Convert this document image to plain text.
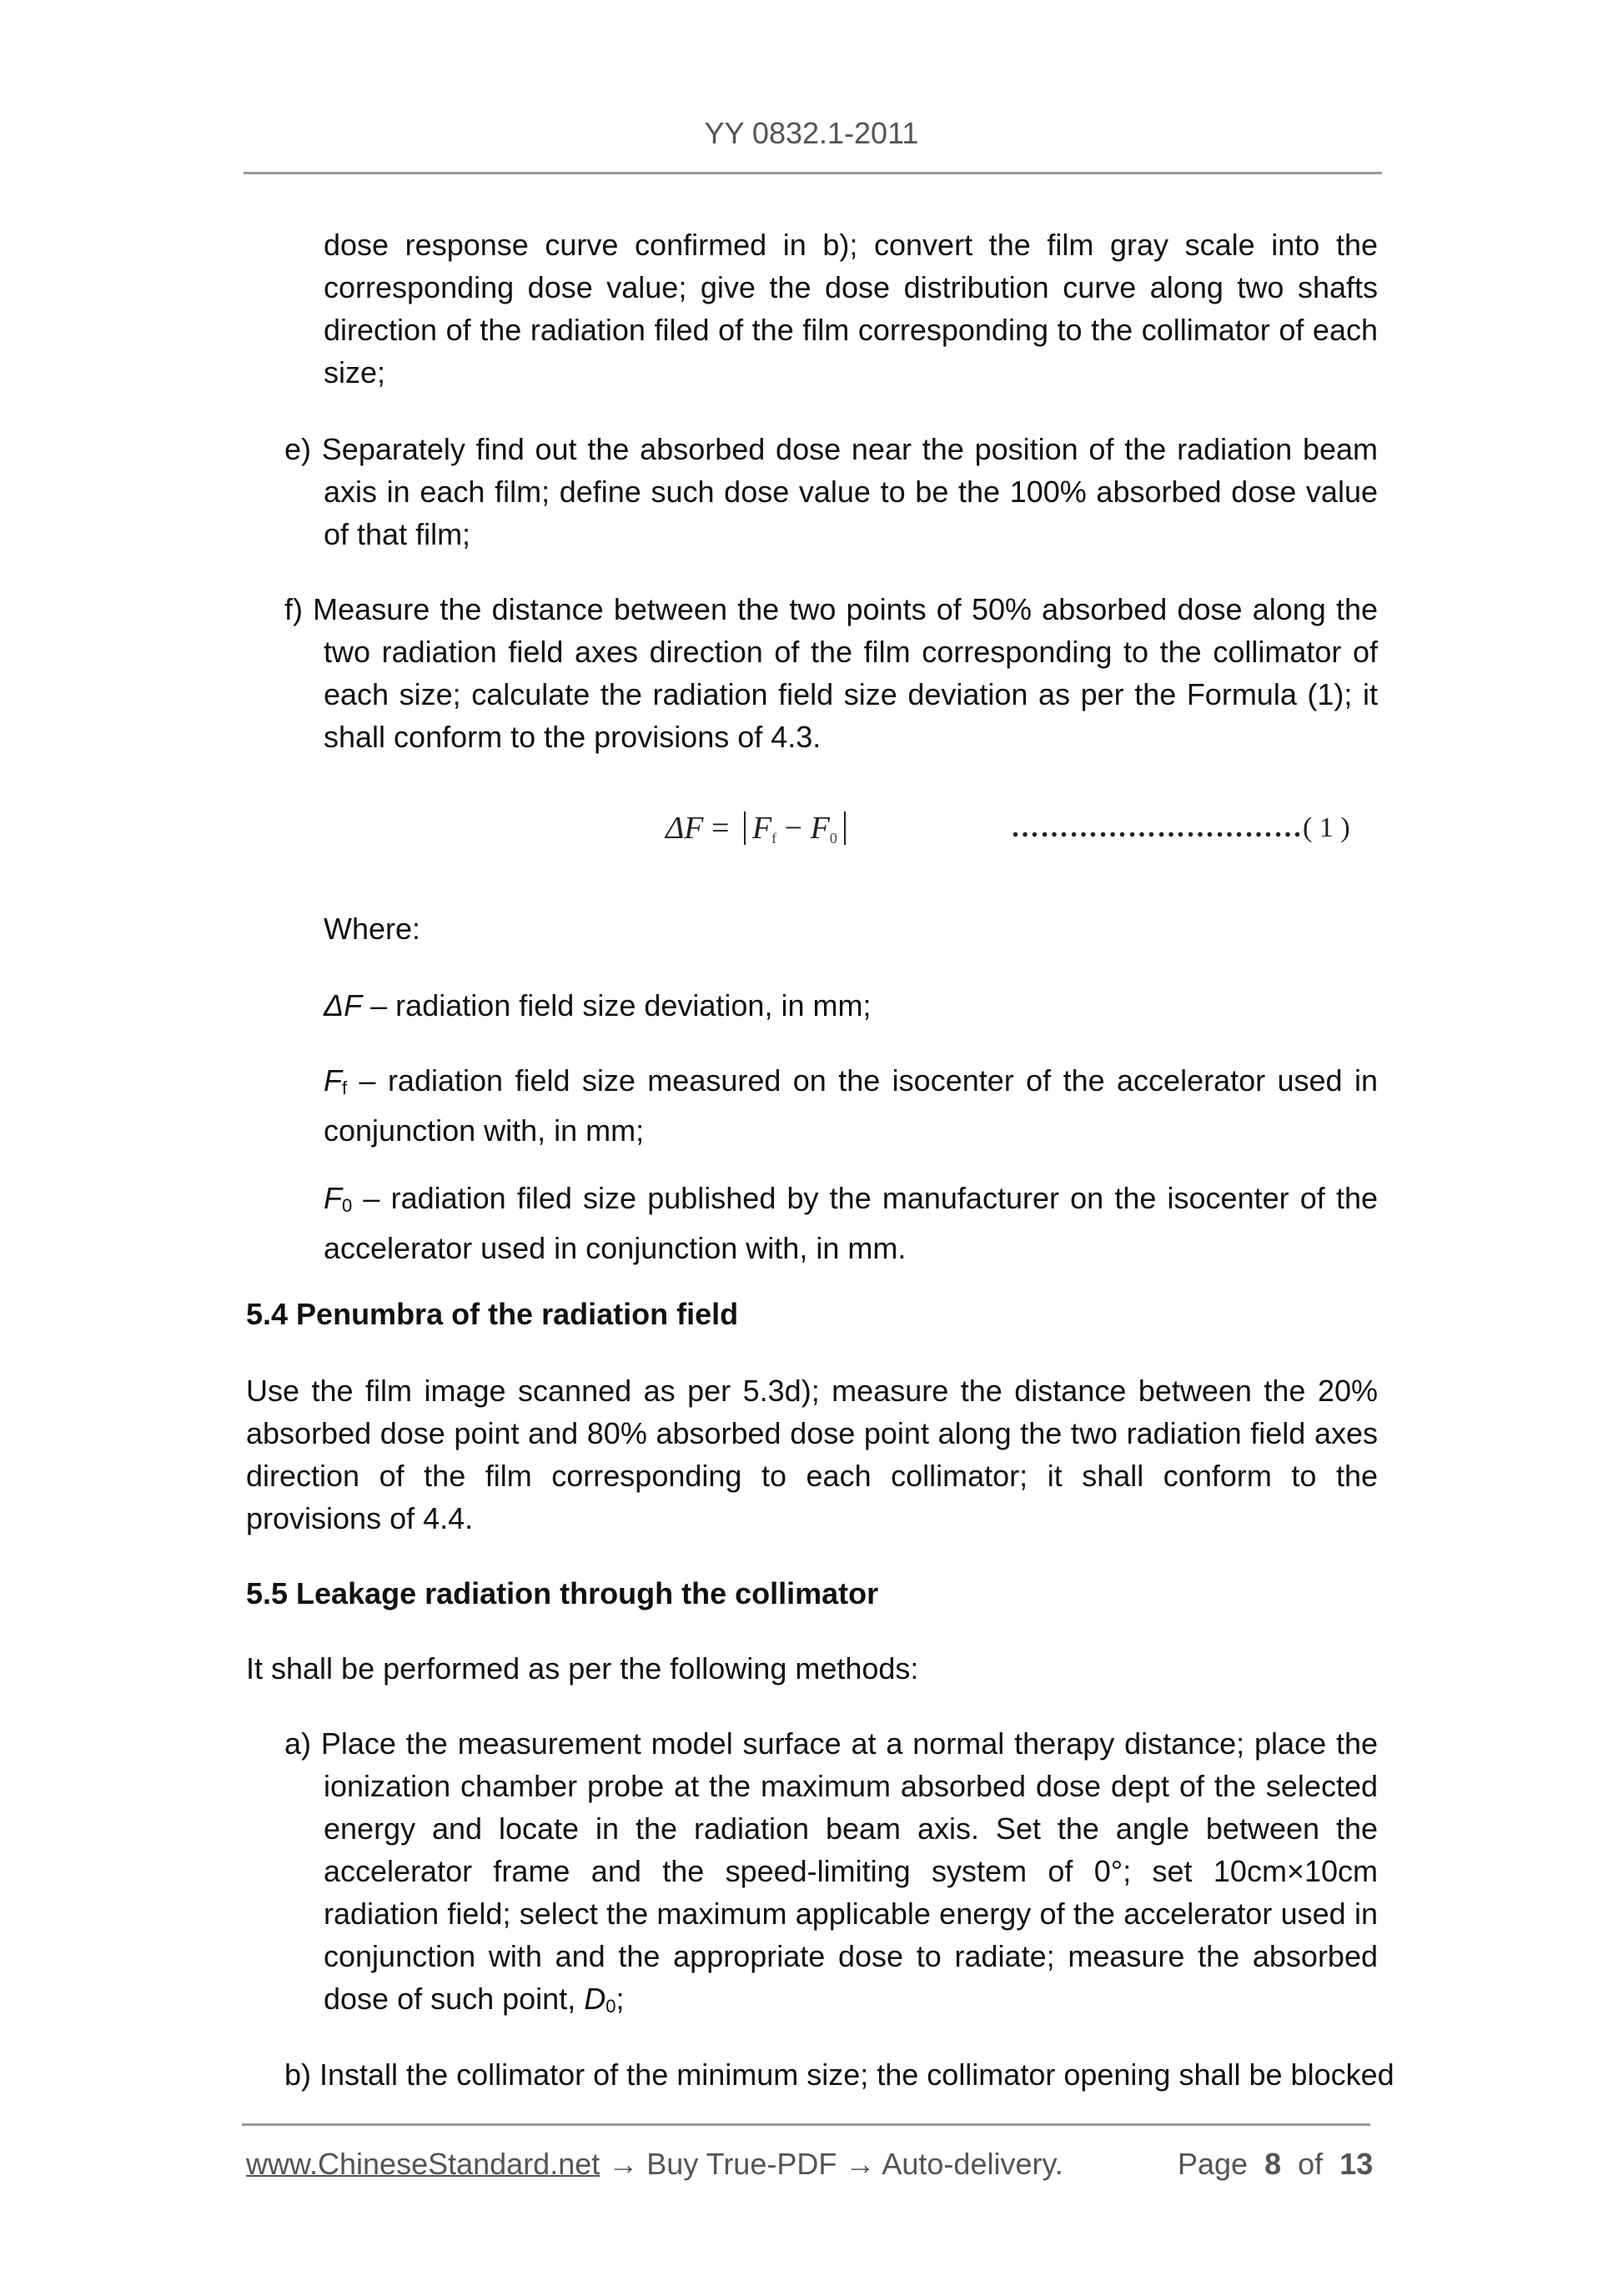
YY 0832.1-2011
dose response curve confirmed in b); convert the film gray scale into the corresponding dose value; give the dose distribution curve along two shafts direction of the radiation filed of the film corresponding to the collimator of each size;
e) Separately find out the absorbed dose near the position of the radiation beam axis in each film; define such dose value to be the 100% absorbed dose value of that film;
f) Measure the distance between the two points of 50% absorbed dose along the two radiation field axes direction of the film corresponding to the collimator of each size; calculate the radiation field size deviation as per the Formula (1); it shall conform to the provisions of 4.3.
$\Delta F = F_f - F_0$	…………………………( 1 )
Where:
ΔF – radiation field size deviation, in mm;
Ff – radiation field size measured on the isocenter of the accelerator used in conjunction with, in mm;
F0 – radiation filed size published by the manufacturer on the isocenter of the accelerator used in conjunction with, in mm.
5.4 Penumbra of the radiation field
Use the film image scanned as per 5.3d); measure the distance between the 20% absorbed dose point and 80% absorbed dose point along the two radiation field axes direction of the film corresponding to each collimator; it shall conform to the provisions of 4.4.
5.5 Leakage radiation through the collimator
It shall be performed as per the following methods:
a) Place the measurement model surface at a normal therapy distance; place the ionization chamber probe at the maximum absorbed dose dept of the selected energy and locate in the radiation beam axis. Set the angle between the accelerator frame and the speed-limiting system of 0°; set 10cm×10cm radiation field; select the maximum applicable energy of the accelerator used in conjunction with and the appropriate dose to radiate; measure the absorbed dose of such point, D0;
b) Install the collimator of the minimum size; the collimator opening shall be blocked
www.ChineseStandard.net → Buy True-PDF → Auto-delivery.	Page 8 of 13
